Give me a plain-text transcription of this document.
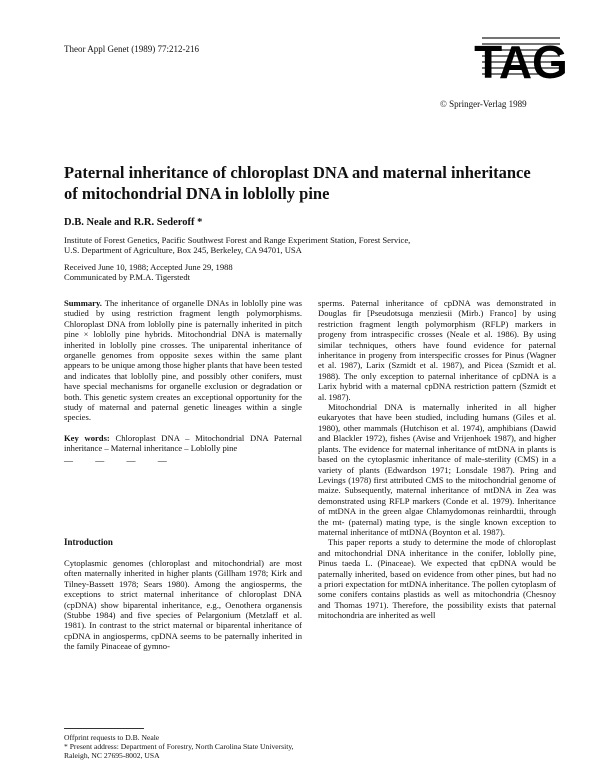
Theor Appl Genet (1989) 77:212-216	TAG
© Springer-Verlag 1989
Paternal inheritance of chloroplast DNA and maternal inheritance of mitochondrial DNA in loblolly pine
D.B. Neale and R.R. Sederoff *
Institute of Forest Genetics, Pacific Southwest Forest and Range Experiment Station, Forest Service,
U.S. Department of Agriculture, Box 245, Berkeley, CA 94701, USA
Received June 10, 1988; Accepted June 29, 1988
Communicated by P.M.A. Tigerstedt

Summary. The inheritance of organelle DNAs in loblolly pine was studied by using restriction fragment length polymorphisms. Chloroplast DNA from loblolly pine is paternally inherited in pitch pine × loblolly pine hybrids. Mitochondrial DNA is maternally inherited in loblolly pine crosses. The uniparental inheritance of organelle genomes from opposite sexes within the same plant appears to be unique among those higher plants that have been tested and indicates that loblolly pine, and possibly other conifers, must have special mechanisms for organelle exclusion or degradation or both. This genetic system creates an exceptional opportunity for the study of maternal and paternal genetic lineages within a single species.

Key words: Chloroplast DNA – Mitochondrial DNA Paternal inheritance – Maternal inheritance – Loblolly pine

— — — —
Introduction

Cytoplasmic genomes (chloroplast and mitochondrial) are most often maternally inherited in higher plants (Gillham 1978; Kirk and Tilney-Bassett 1978; Sears 1980). Among the angiosperms, the exceptions to strict maternal inheritance of chloroplast DNA (cpDNA) show biparental inheritance, e.g., Oenothera organensis (Stubbe 1984) and five species of Pelargonium (Metzlaff et al. 1981). In contrast to the strict maternal or biparental inheritance of cpDNA in angiosperms, cpDNA seems to be paternally inherited in the family Pinaceae of gymno-

Offprint requests to D.B. Neale
* Present address: Department of Forestry, North Carolina State University, Raleigh, NC 27695-8002, USA

sperms. Paternal inheritance of cpDNA was demonstrated in Douglas fir [Pseudotsuga menziesii (Mirb.) Franco] by using restriction fragment length polymorphism (RFLP) markers in progeny from intraspecific crosses (Neale et al. 1986). By using similar techniques, others have found evidence for paternal inheritance in progeny from interspecific crosses for Pinus (Wagner et al. 1987), Larix (Szmidt et al. 1987), and Picea (Szmidt et al. 1988). The only exception to paternal inheritance of cpDNA is a Larix hybrid with a maternal cpDNA restriction pattern (Szmidt et al. 1987).

Mitochondrial DNA is maternally inherited in all higher eukaryotes that have been studied, including humans (Giles et al. 1980), other mammals (Hutchison et al. 1974), amphibians (Dawid and Blackler 1972), fishes (Avise and Vrijenhoek 1987), and higher plants. The evidence for maternal inheritance of mtDNA in plants is based on the cytoplasmic inheritance of male-sterility (CMS) in a variety of plants (Edwardson 1971; Lonsdale 1987). Pring and Levings (1978) first attributed CMS to the mitochondrial genome of maize. Subsequently, maternal inheritance of mtDNA in Zea was demonstrated using RFLP markers (Conde et al. 1979). Inheritance of mtDNA in the green algae Chlamydomonas reinhardtii, through the mt- (paternal) mating type, is the single known exception to maternal inheritance of mtDNA (Boynton et al. 1987).

This paper reports a study to determine the mode of chloroplast and mitochondrial DNA inheritance in the conifer, loblolly pine, Pinus taeda L. (Pinaceae). We expected that cpDNA would be paternally inherited, based on evidence from other pines, but had no a priori expectation for mtDNA inheritance. The pollen cytoplasm of some conifers contains plastids as well as mitochondria (Chesnoy and Thomas 1971). Therefore, the possibility exists that paternal mitochondria are inherited as well
